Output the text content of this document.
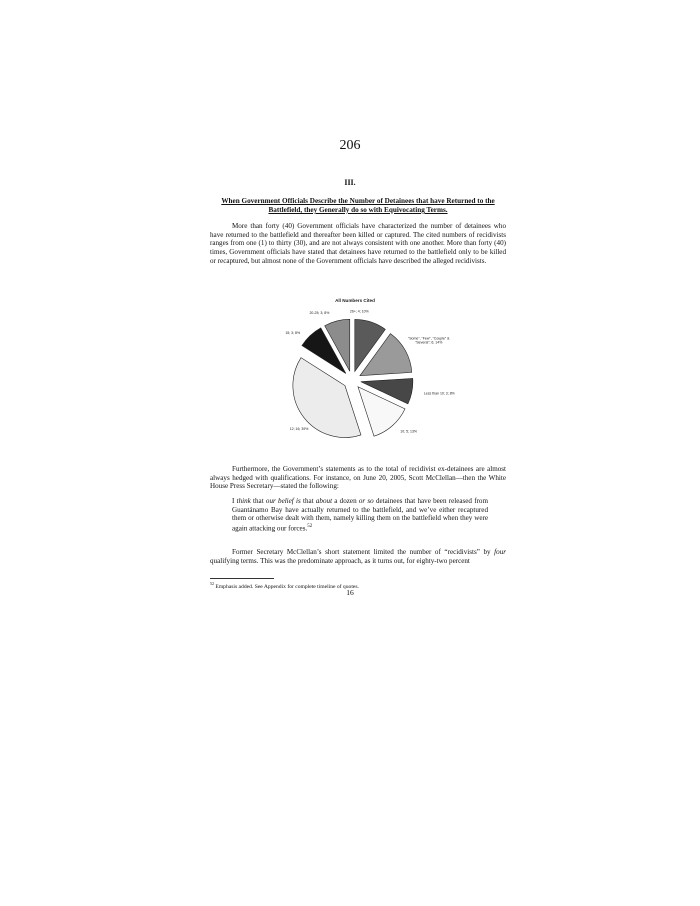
206
III.
When Government Officials Describe the Number of Detainees that have Returned to the Battlefield, they Generally do so with Equivocating Terms.

More than forty (40) Government officials have characterized the number of detainees who have returned to the battlefield and thereafter been killed or captured. The cited numbers of recidivists ranges from one (1) to thirty (30), and are not always consistent with one another. More than forty (40) times, Government officials have stated that detainees have returned to the battlefield only to be killed or recaptured, but almost none of the Government officials have described the alleged recidivists.

All Numbers Cited
"Some", "Few", "Couple" & "Several"; 6; 14%
Less than 10; 3; 8%
10; 5; 13%
12; 16; 39%
15; 3; 8%
20-25; 3; 8%	26+; 4; 10%

Furthermore, the Government’s statements as to the total of recidivist ex-detainees are almost always hedged with qualifications. For instance, on June 20, 2005, Scott McClellan—then the White House Press Secretary—stated the following:

I think that our belief is that about a dozen or so detainees that have been released from Guantánamo Bay have actually returned to the battlefield, and we’ve either recaptured them or otherwise dealt with them, namely killing them on the battlefield when they were again attacking our forces.$^{52}$

Former Secretary McClellan’s short statement limited the number of “recidivists” by four qualifying terms. This was the predominate approach, as it turns out, for eighty-two percent

$^{52}$ Emphasis added. See Appendix for complete timeline of quotes.

16
